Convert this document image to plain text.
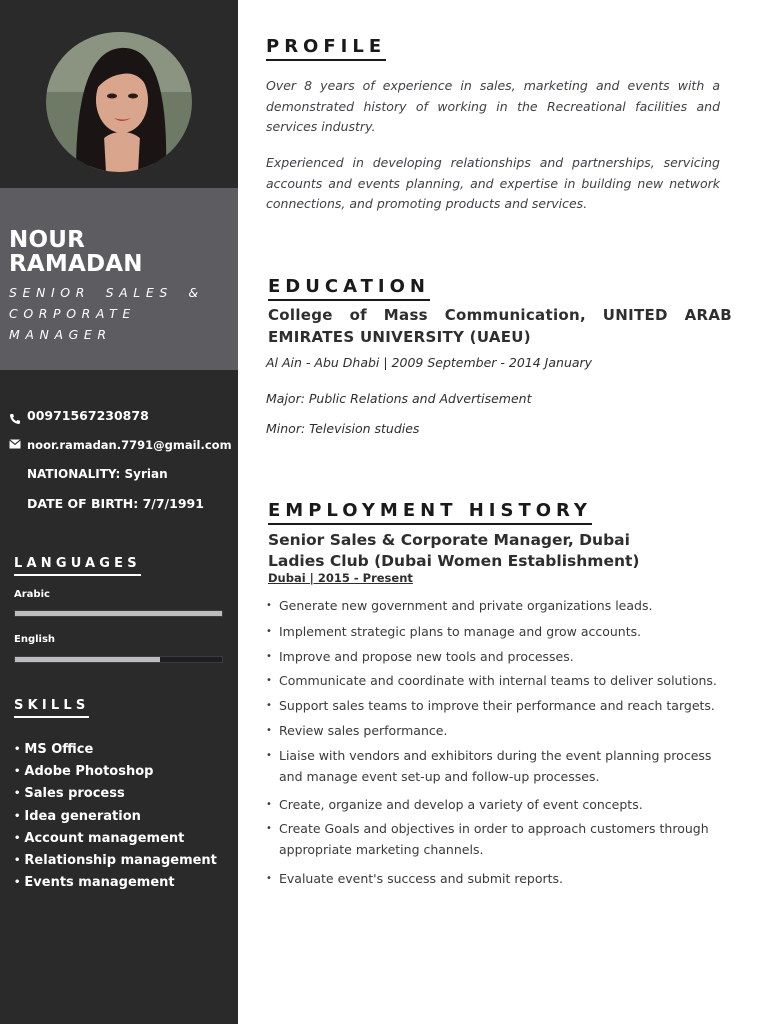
NOUR
RAMADAN
SENIOR SALES & CORPORATE MANAGER
00971567230878
noor.ramadan.7791@gmail.com
NATIONALITY: Syrian
DATE OF BIRTH: 7/7/1991
LANGUAGES
Arabic
English
SKILLS
• MS Office
• Adobe Photoshop
• Sales process
• Idea generation
• Account management
• Relationship management
• Events management
PROFILE

Over 8 years of experience in sales, marketing and events with a demonstrated history of working in the Recreational facilities and services industry.

Experienced in developing relationships and partnerships, servicing accounts and events planning, and expertise in building new network connections, and promoting products and services.

EDUCATION
College of Mass Communication, UNITED ARAB EMIRATES UNIVERSITY (UAEU)
Al Ain - Abu Dhabi | 2009 September - 2014 January
Major: Public Relations and Advertisement
Minor: Television studies
EMPLOYMENT HISTORY
Senior Sales & Corporate Manager, Dubai Ladies Club (Dubai Women Establishment)
Dubai | 2015 - Present
• Generate new government and private organizations leads.
• Implement strategic plans to manage and grow accounts.
• Improve and propose new tools and processes.
• Communicate and coordinate with internal teams to deliver solutions.
• Support sales teams to improve their performance and reach targets.
• Review sales performance.
• Liaise with vendors and exhibitors during the event planning process and manage event set-up and follow-up processes.
• Create, organize and develop a variety of event concepts.
• Create Goals and objectives in order to approach customers through appropriate marketing channels.
• Evaluate event's success and submit reports.
